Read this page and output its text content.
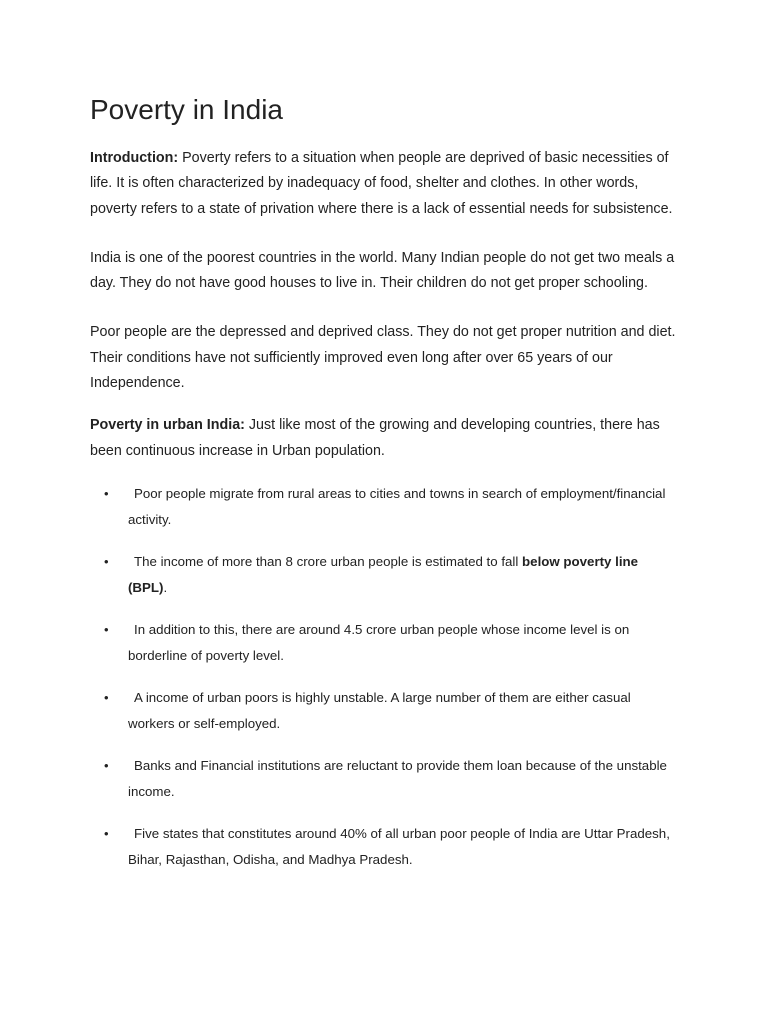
Poverty in India

Introduction: Poverty refers to a situation when people are deprived of basic necessities of life. It is often characterized by inadequacy of food, shelter and clothes. In other words, poverty refers to a state of privation where there is a lack of essential needs for subsistence.

India is one of the poorest countries in the world. Many Indian people do not get two meals a day. They do not have good houses to live in. Their children do not get proper schooling.

Poor people are the depressed and deprived class. They do not get proper nutrition and diet. Their conditions have not sufficiently improved even long after over 65 years of our Independence.

Poverty in urban India: Just like most of the growing and developing countries, there has been continuous increase in Urban population.

• Poor people migrate from rural areas to cities and towns in search of employment/financial activity.
• The income of more than 8 crore urban people is estimated to fall below poverty line (BPL).
• In addition to this, there are around 4.5 crore urban people whose income level is on borderline of poverty level.
• A income of urban poors is highly unstable. A large number of them are either casual workers or self-employed.
• Banks and Financial institutions are reluctant to provide them loan because of the unstable income.
• Five states that constitutes around 40% of all urban poor people of India are Uttar Pradesh, Bihar, Rajasthan, Odisha, and Madhya Pradesh.
